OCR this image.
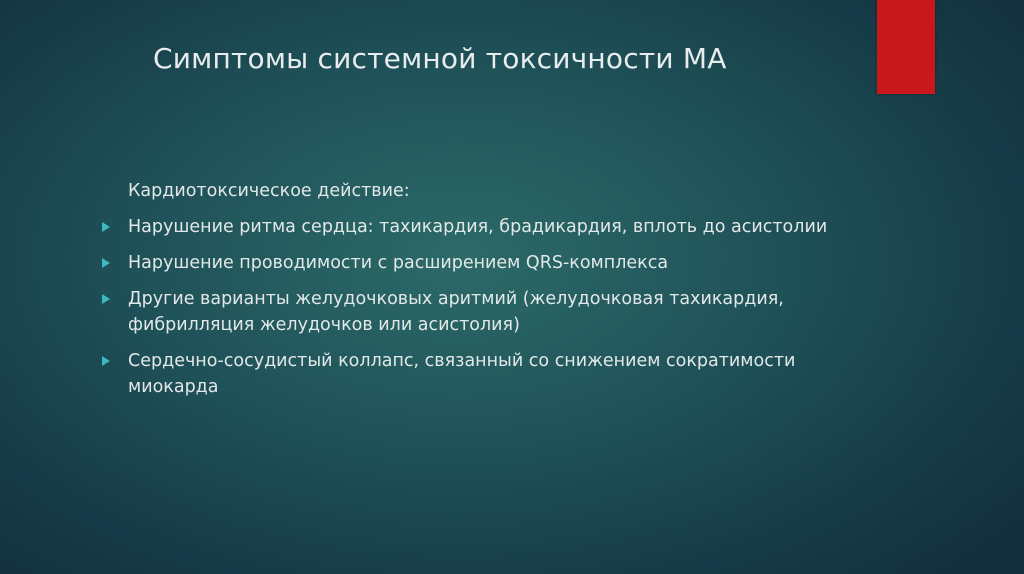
Симптомы системной токсичности МА
Кардиотоксическое действие:
Нарушение ритма сердца: тахикардия, брадикардия, вплоть до асистолии
Нарушение проводимости с расширением QRS-комплекса
Другие варианты желудочковых аритмий (желудочковая тахикардия, фибрилляция желудочков или асистолия)
Сердечно-сосудистый коллапс, связанный со снижением сократимости миокарда
